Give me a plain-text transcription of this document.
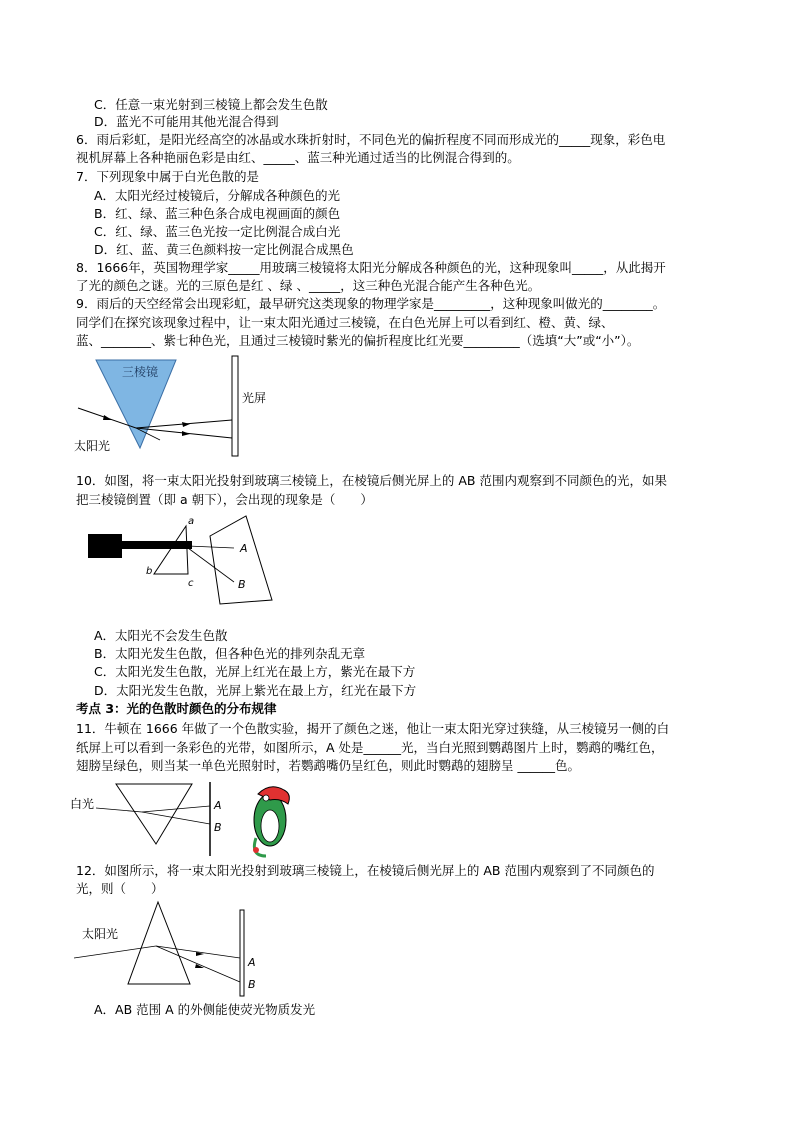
C．任意一束光射到三棱镜上都会发生色散
D．蓝光不可能用其他光混合得到
6．雨后彩虹，是阳光经高空的冰晶或水珠折射时，不同色光的偏折程度不同而形成光的_____现象，彩色电
视机屏幕上各种艳丽色彩是由红、_____、蓝三种光通过适当的比例混合得到的。
7．下列现象中属于白光色散的是
A．太阳光经过棱镜后，分解成各种颜色的光
B．红、绿、蓝三种色条合成电视画面的颜色
C．红、绿、蓝三色光按一定比例混合成白光
D．红、蓝、黄三色颜料按一定比例混合成黑色
8．1666年，英国物理学家_____用玻璃三棱镜将太阳光分解成各种颜色的光，这种现象叫_____，从此揭开
了光的颜色之谜。光的三原色是红 、绿 、_____，这三种色光混合能产生各种色光。
9．雨后的天空经常会出现彩虹，最早研究这类现象的物理学家是_________，这种现象叫做光的________。
同学们在探究该现象过程中，让一束太阳光通过三棱镜，在白色光屏上可以看到红、橙、黄、绿、
蓝、________、紫七种色光，且通过三棱镜时紫光的偏折程度比红光要_________（选填“大”或“小”）。
三棱镜
光屏
太阳光
10．如图，将一束太阳光投射到玻璃三棱镜上，在棱镜后侧光屏上的 AB 范围内观察到不同颜色的光，如果
把三棱镜倒置（即 a 朝下），会出现的现象是（　　）
a
b
c
A
B
A．太阳光不会发生色散
B．太阳光发生色散，但各种色光的排列杂乱无章
C．太阳光发生色散，光屏上红光在最上方，紫光在最下方
D．太阳光发生色散，光屏上紫光在最上方，红光在最下方
考点 3：光的色散时颜色的分布规律
11．牛顿在 1666 年做了一个色散实验，揭开了颜色之迷，他让一束太阳光穿过狭缝，从三棱镜另一侧的白
纸屏上可以看到一条彩色的光带，如图所示，A 处是______光，当白光照到鹦鹉图片上时，鹦鹉的嘴红色，
翅膀呈绿色，则当某一单色光照射时，若鹦鹉嘴仍呈红色，则此时鹦鹉的翅膀呈 ______色。
白光	A
B
12．如图所示，将一束太阳光投射到玻璃三棱镜上，在棱镜后侧光屏上的 AB 范围内观察到了不同颜色的
光，则（　　）
太阳光
A
B
A．AB 范围 A 的外侧能使荧光物质发光
